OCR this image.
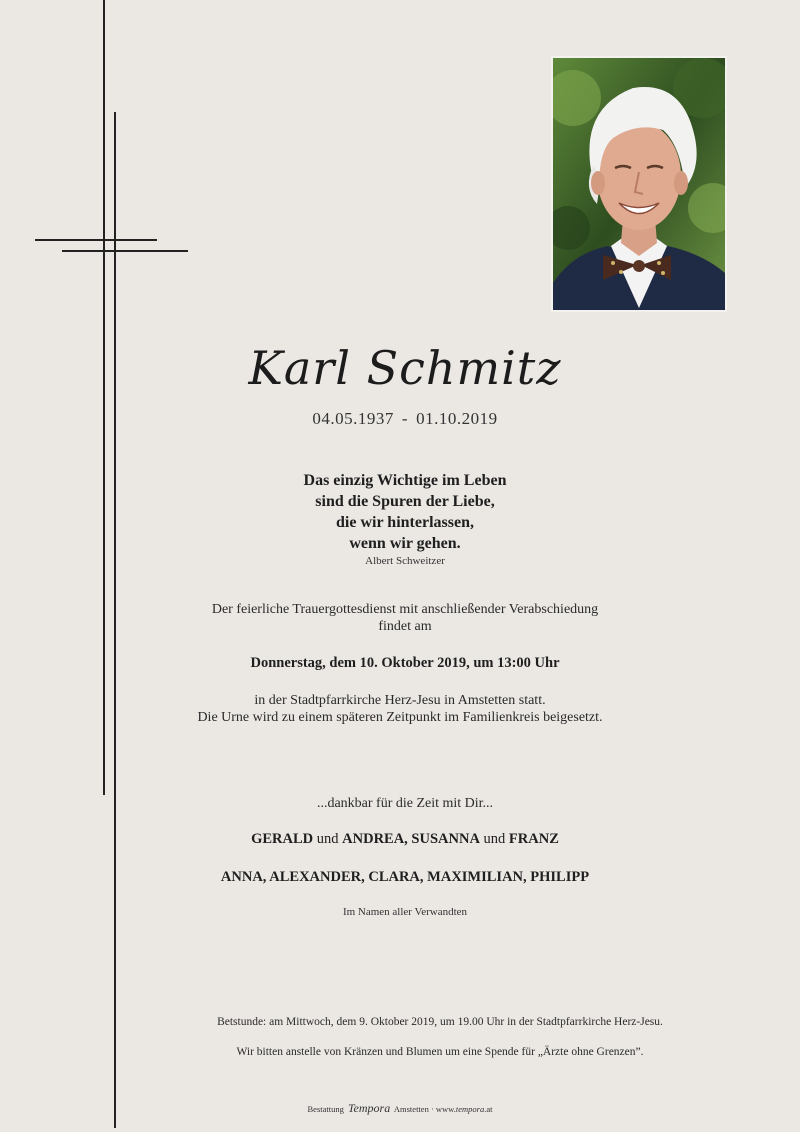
Karl Schmitz
04.05.1937 - 01.10.2019
Das einzig Wichtige im Leben
sind die Spuren der Liebe,
die wir hinterlassen,
wenn wir gehen.
Albert Schweitzer
Der feierliche Trauergottesdienst mit anschließender Verabschiedung
findet am
Donnerstag, dem 10. Oktober 2019, um 13:00 Uhr
in der Stadtpfarrkirche Herz-Jesu in Amstetten statt.
Die Urne wird zu einem späteren Zeitpunkt im Familienkreis beigesetzt.
...dankbar für die Zeit mit Dir...
GERALD und ANDREA, SUSANNA und FRANZ
ANNA, ALEXANDER, CLARA, MAXIMILIAN, PHILIPP
Im Namen aller Verwandten
Betstunde: am Mittwoch, dem 9. Oktober 2019, um 19.00 Uhr in der Stadtpfarrkirche Herz-Jesu.
Wir bitten anstelle von Kränzen und Blumen um eine Spende für „Ärzte ohne Grenzen”.
Bestattung Tempora Amstetten · www.tempora.at
